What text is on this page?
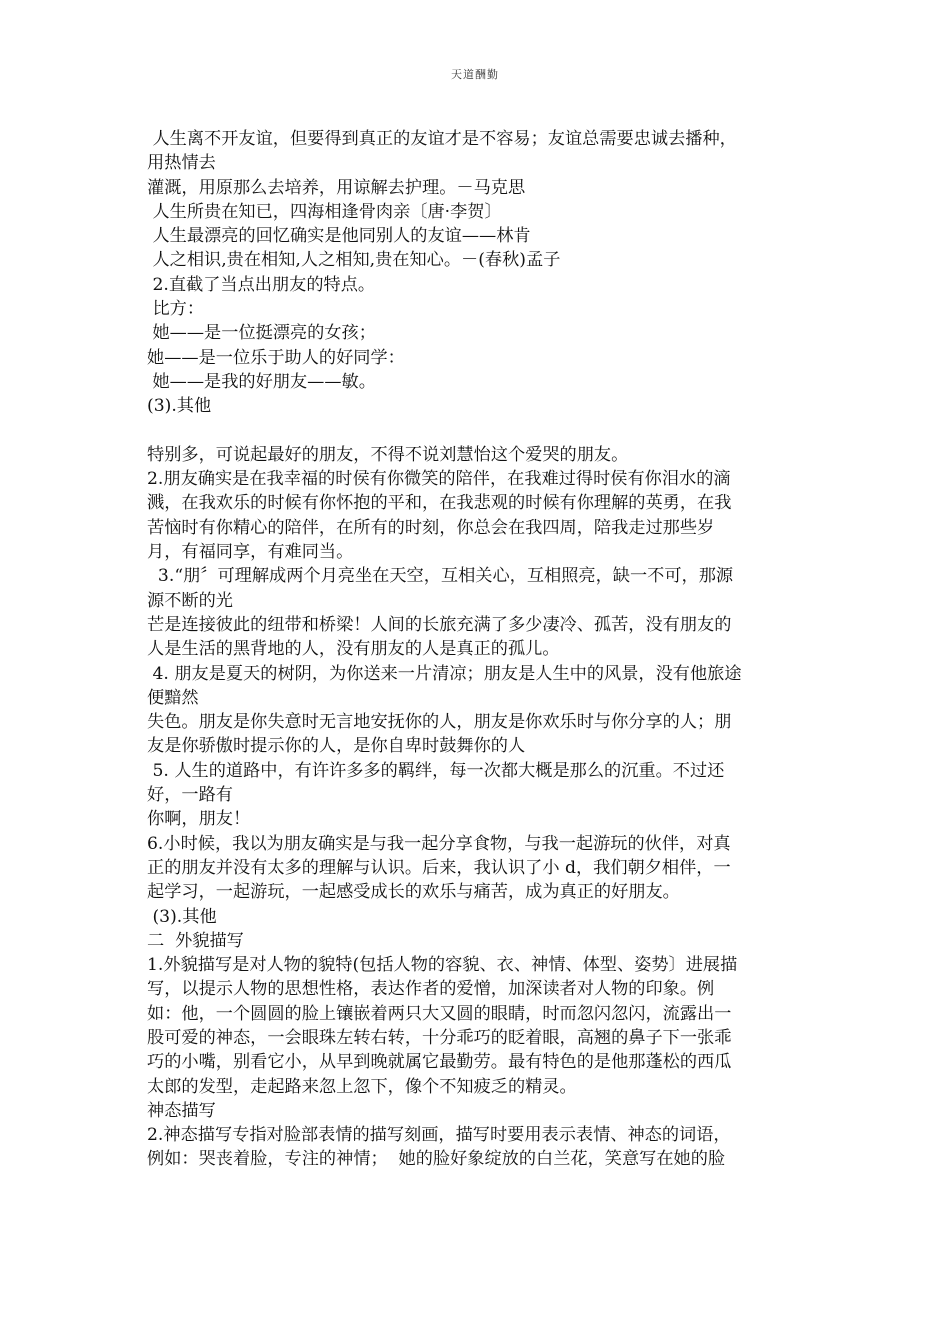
天道酬勤
人生离不开友谊，但要得到真正的友谊才是不容易；友谊总需要忠诚去播种，
用热情去
灌溉，用原那么去培养，用谅解去护理。－马克思
人生所贵在知已，四海相逢骨肉亲〔唐·李贺〕
人生最漂亮的回忆确实是他同别人的友谊——林肯
人之相识,贵在相知,人之相知,贵在知心。－(春秋)孟子
2.直截了当点出朋友的特点。
比方：
她——是一位挺漂亮的女孩；
她——是一位乐于助人的好同学：
她——是我的好朋友——敏。
(3).其他
特别多，可说起最好的朋友，不得不说刘慧怡这个爱哭的朋友。
2.朋友确实是在我幸福的时侯有你微笑的陪伴，在我难过得时侯有你泪水的滴
溅，在我欢乐的时候有你怀抱的平和，在我悲观的时候有你理解的英勇，在我
苦恼时有你精心的陪伴，在所有的时刻，你总会在我四周，陪我走过那些岁
月，有福同享，有难同当。
3.“朋〞可理解成两个月亮坐在天空，互相关心，互相照亮，缺一不可，那源
源不断的光
芒是连接彼此的纽带和桥梁！人间的长旅充满了多少凄冷、孤苦，没有朋友的
人是生活的黑背地的人，没有朋友的人是真正的孤儿。
4. 朋友是夏天的树阴，为你送来一片清凉；朋友是人生中的风景，没有他旅途
便黯然
失色。朋友是你失意时无言地安抚你的人，朋友是你欢乐时与你分享的人；朋
友是你骄傲时提示你的人，是你自卑时鼓舞你的人
5. 人生的道路中，有许许多多的羁绊，每一次都大概是那么的沉重。不过还
好，一路有
你啊，朋友！
6.小时候，我以为朋友确实是与我一起分享食物，与我一起游玩的伙伴，对真
正的朋友并没有太多的理解与认识。后来，我认识了小 d，我们朝夕相伴，一
起学习，一起游玩，一起感受成长的欢乐与痛苦，成为真正的好朋友。
(3).其他
二  外貌描写
1.外貌描写是对人物的貌特(包括人物的容貌、衣、神情、体型、姿势〕进展描
写，以提示人物的思想性格，表达作者的爱憎，加深读者对人物的印象。例
如：他，一个圆圆的脸上镶嵌着两只大又圆的眼睛，时而忽闪忽闪，流露出一
股可爱的神态，一会眼珠左转右转，十分乖巧的眨着眼，高翘的鼻子下一张乖
巧的小嘴，别看它小，从早到晚就属它最勤劳。最有特色的是他那蓬松的西瓜
太郎的发型，走起路来忽上忽下，像个不知疲乏的精灵。
神态描写
2.神态描写专指对脸部表情的描写刻画，描写时要用表示表情、神态的词语，
例如：哭丧着脸，专注的神情；  她的脸好象绽放的白兰花，笑意写在她的脸
